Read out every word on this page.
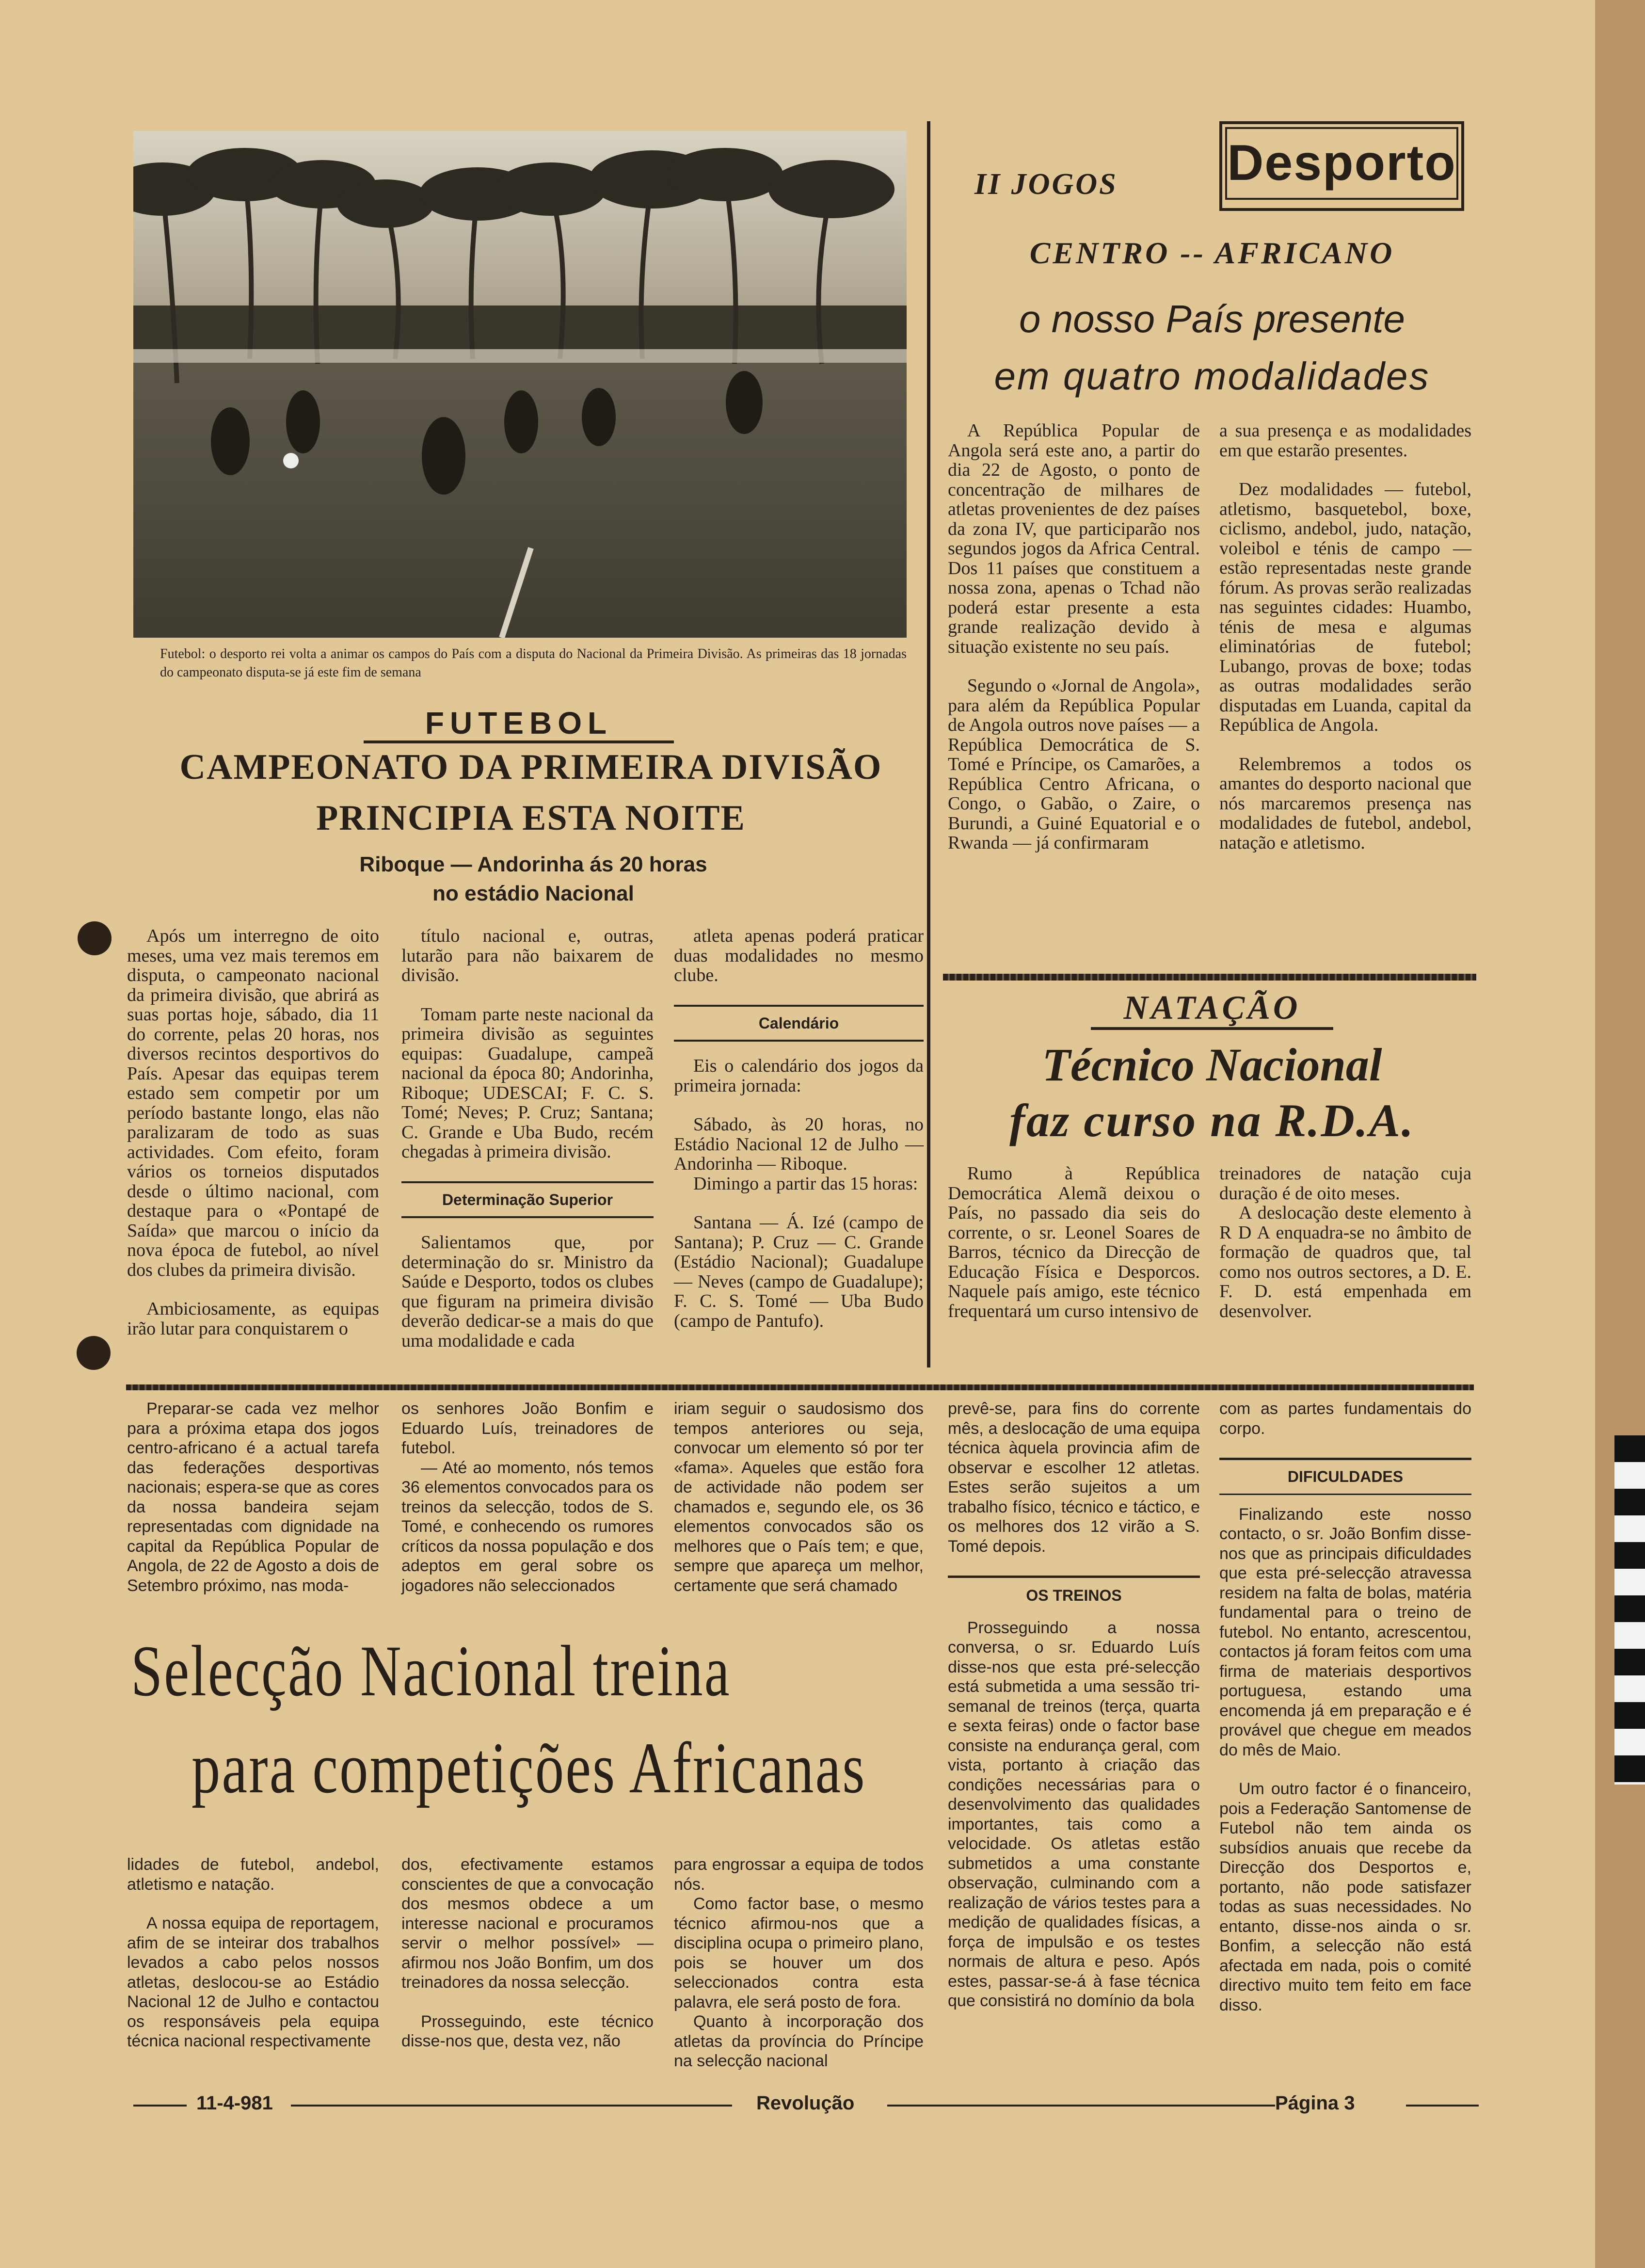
Futebol: o desporto rei volta a animar os campos do País com a disputa do Nacional da Primeira Divisão. As primeiras das 18 jornadas do campeonato disputa-se já este fim de semana
FUTEBOL
CAMPEONATO DA PRIMEIRA DIVISÃO
PRINCIPIA ESTA NOITE
Riboque — Andorinha ás 20 horas
no estádio Nacional

Após um interregno de oito meses, uma vez mais teremos em disputa, o campeonato nacional da primeira divisão, que abrirá as suas portas hoje, sábado, dia 11 do corrente, pelas 20 horas, nos diversos recintos desportivos do País. Apesar das equipas terem estado sem competir por um período bastante longo, elas não paralizaram de todo as suas actividades. Com efeito, foram vários os torneios disputados desde o último nacional, com destaque para o «Pontapé de Saída» que marcou o início da nova época de futebol, ao nível dos clubes da primeira divisão.

Ambiciosamente, as equipas irão lutar para conquistarem o

título nacional e, outras, lutarão para não baixarem de divisão.

Tomam parte neste nacional da primeira divisão as seguintes equipas: Guadalupe, campeã nacional da época 80; Andorinha, Riboque; UDESCAI; F. C. S. Tomé; Neves; P. Cruz; Santana; C. Grande e Uba Budo, recém chegadas à primeira divisão.

Determinação Superior

Salientamos que, por determinação do sr. Ministro da Saúde e Desporto, todos os clubes que figuram na primeira divisão deverão dedicar-se a mais do que uma modalidade e cada

atleta apenas poderá praticar duas modalidades no mesmo clube.

Calendário

Eis o calendário dos jogos da primeira jornada:

Sábado, às 20 horas, no Estádio Nacional 12 de Julho — Andorinha — Riboque.

Dimingo a partir das 15 horas:

Santana — Á. Izé (campo de Santana); P. Cruz — C. Grande (Estádio Nacional); Guadalupe — Neves (campo de Guadalupe); F. C. S. Tomé — Uba Budo (campo de Pantufo).

II JOGOS Desporto
CENTRO -- AFRICANO
o nosso País presente
em quatro modalidades

A República Popular de Angola será este ano, a partir do dia 22 de Agosto, o ponto de concentração de milhares de atletas provenientes de dez países da zona IV, que participarão nos segundos jogos da Africa Central. Dos 11 países que constituem a nossa zona, apenas o Tchad não poderá estar presente a esta grande realização devido à situação existente no seu país.

Segundo o «Jornal de Angola», para além da República Popular de Angola outros nove países — a República Democrática de S. Tomé e Príncipe, os Camarões, a República Centro Africana, o Congo, o Gabão, o Zaire, o Burundi, a Guiné Equatorial e o Rwanda — já confirmaram

a sua presença e as modalidades em que estarão presentes.

Dez modalidades — futebol, atletismo, basquetebol, boxe, ciclismo, andebol, judo, natação, voleibol e ténis de campo — estão representadas neste grande fórum. As provas serão realizadas nas seguintes cidades: Huambo, ténis de mesa e algumas eliminatórias de futebol; Lubango, provas de boxe; todas as outras modalidades serão disputadas em Luanda, capital da República de Angola.

Relembremos a todos os amantes do desporto nacional que nós marcaremos presença nas modalidades de futebol, andebol, natação e atletismo.

NATAÇÃO
Técnico Nacional
faz curso na R.D.A.

Rumo à República Democrática Alemã deixou o País, no passado dia seis do corrente, o sr. Leonel Soares de Barros, técnico da Direcção de Educação Física e Desporcos. Naquele país amigo, este técnico frequentará um curso intensivo de

treinadores de natação cuja duração é de oito meses.

A deslocação deste elemento à R D A enquadra-se no âmbito de formação de quadros que, tal como nos outros sectores, a D. E. F. D. está empenhada em desenvolver.

Preparar-se cada vez melhor para a próxima etapa dos jogos centro-africano é a actual tarefa das federações desportivas nacionais; espera-se que as cores da nossa bandeira sejam representadas com dignidade na capital da República Popular de Angola, de 22 de Agosto a dois de Setembro próximo, nas moda-

os senhores João Bonfim e Eduardo Luís, treinadores de futebol.

— Até ao momento, nós temos 36 elementos convocados para os treinos da selecção, todos de S. Tomé, e conhecendo os rumores críticos da nossa população e dos adeptos em geral sobre os jogadores não seleccionados

iriam seguir o saudosismo dos tempos anteriores ou seja, convocar um elemento só por ter «fama». Aqueles que estão fora de actividade não podem ser chamados e, segundo ele, os 36 elementos convocados são os melhores que o País tem; e que, sempre que apareça um melhor, certamente que será chamado

Selecção Nacional treina
para competições Africanas

lidades de futebol, andebol, atletismo e natação.

A nossa equipa de reportagem, afim de se inteirar dos trabalhos levados a cabo pelos nossos atletas, deslocou-se ao Estádio Nacional 12 de Julho e contactou os responsáveis pela equipa técnica nacional respectivamente

dos, efectivamente estamos conscientes de que a convocação dos mesmos obdece a um interesse nacional e procuramos servir o melhor possível» — afirmou nos João Bonfim, um dos treinadores da nossa selecção.

Prosseguindo, este técnico disse-nos que, desta vez, não

para engrossar a equipa de todos nós.

Como factor base, o mesmo técnico afirmou-nos que a disciplina ocupa o primeiro plano, pois se houver um dos seleccionados contra esta palavra, ele será posto de fora.

Quanto à incorporação dos atletas da província do Príncipe na selecção nacional

prevê-se, para fins do corrente mês, a deslocação de uma equipa técnica àquela provincia afim de observar e escolher 12 atletas. Estes serão sujeitos a um trabalho físico, técnico e táctico, e os melhores dos 12 virão a S. Tomé depois.

OS TREINOS

Prosseguindo a nossa conversa, o sr. Eduardo Luís disse-nos que esta pré-selecção está submetida a uma sessão tri-semanal de treinos (terça, quarta e sexta feiras) onde o factor base consiste na endurança geral, com vista, portanto à criação das condições necessárias para o desenvolvimento das qualidades importantes, tais como a velocidade. Os atletas estão submetidos a uma constante observação, culminando com a realização de vários testes para a medição de qualidades físicas, a força de impulsão e os testes normais de altura e peso. Após estes, passar-se-á à fase técnica que consistirá no domínio da bola

com as partes fundamentais do corpo.

DIFICULDADES

Finalizando este nosso contacto, o sr. João Bonfim disse-nos que as principais dificuldades que esta pré-selecção atravessa residem na falta de bolas, matéria fundamental para o treino de futebol. No entanto, acrescentou, contactos já foram feitos com uma firma de materiais desportivos portuguesa, estando uma encomenda já em preparação e é provável que chegue em meados do mês de Maio.

Um outro factor é o financeiro, pois a Federação Santomense de Futebol não tem ainda os subsídios anuais que recebe da Direcção dos Desportos e, portanto, não pode satisfazer todas as suas necessidades. No entanto, disse-nos ainda o sr. Bonfim, a selecção não está afectada em nada, pois o comité directivo muito tem feito em face disso.

11-4-981	Revolução	Página 3
